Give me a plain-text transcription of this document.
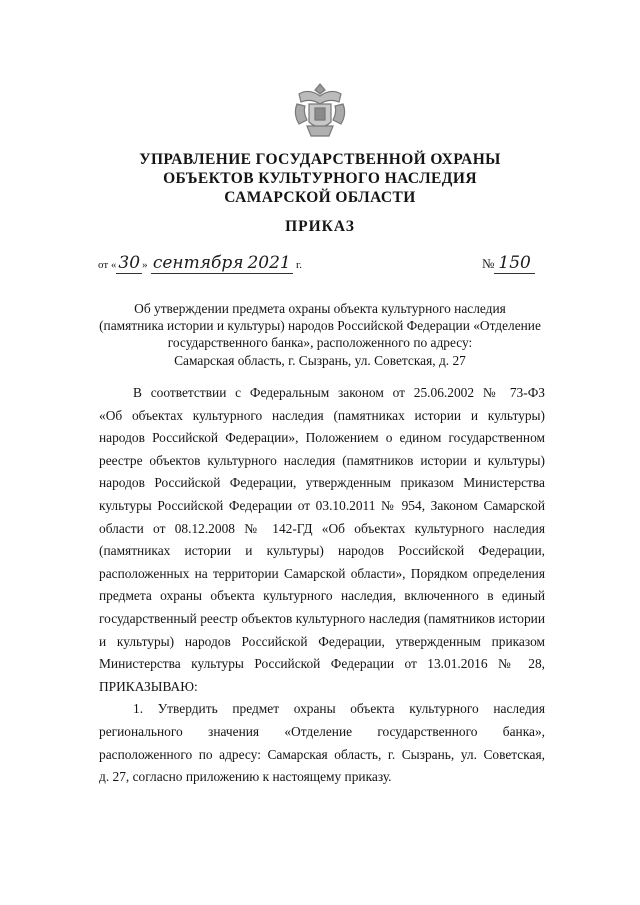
УПРАВЛЕНИЕ ГОСУДАРСТВЕННОЙ ОХРАНЫ
ОБЪЕКТОВ КУЛЬТУРНОГО НАСЛЕДИЯ
САМАРСКОЙ ОБЛАСТИ
ПРИКАЗ
от « 30 » сентября 2021 г.	№ 150
Об утверждении предмета охраны объекта культурного наследия
(памятника истории и культуры) народов Российской Федерации «Отделение
государственного банка», расположенного по адресу:
Самарская область, г. Сызрань, ул. Советская, д. 27
В соответствии с Федеральным законом от 25.06.2002 № 73-ФЗ
«Об объектах культурного наследия (памятниках истории и культуры)
народов Российской Федерации», Положением о едином государственном
реестре объектов культурного наследия (памятников истории и культуры)
народов Российской Федерации, утвержденным приказом Министерства
культуры Российской Федерации от 03.10.2011 № 954, Законом Самарской
области от 08.12.2008 № 142-ГД «Об объектах культурного наследия
(памятниках истории и культуры) народов Российской Федерации,
расположенных на территории Самарской области», Порядком определения
предмета охраны объекта культурного наследия, включенного в единый
государственный реестр объектов культурного наследия (памятников истории
и культуры) народов Российской Федерации, утвержденным приказом
Министерства культуры Российской Федерации от 13.01.2016 № 28,
ПРИКАЗЫВАЮ:
1. Утвердить предмет охраны объекта культурного наследия
регионального значения «Отделение государственного банка»,
расположенного по адресу: Самарская область, г. Сызрань, ул. Советская,
д. 27, согласно приложению к настоящему приказу.
